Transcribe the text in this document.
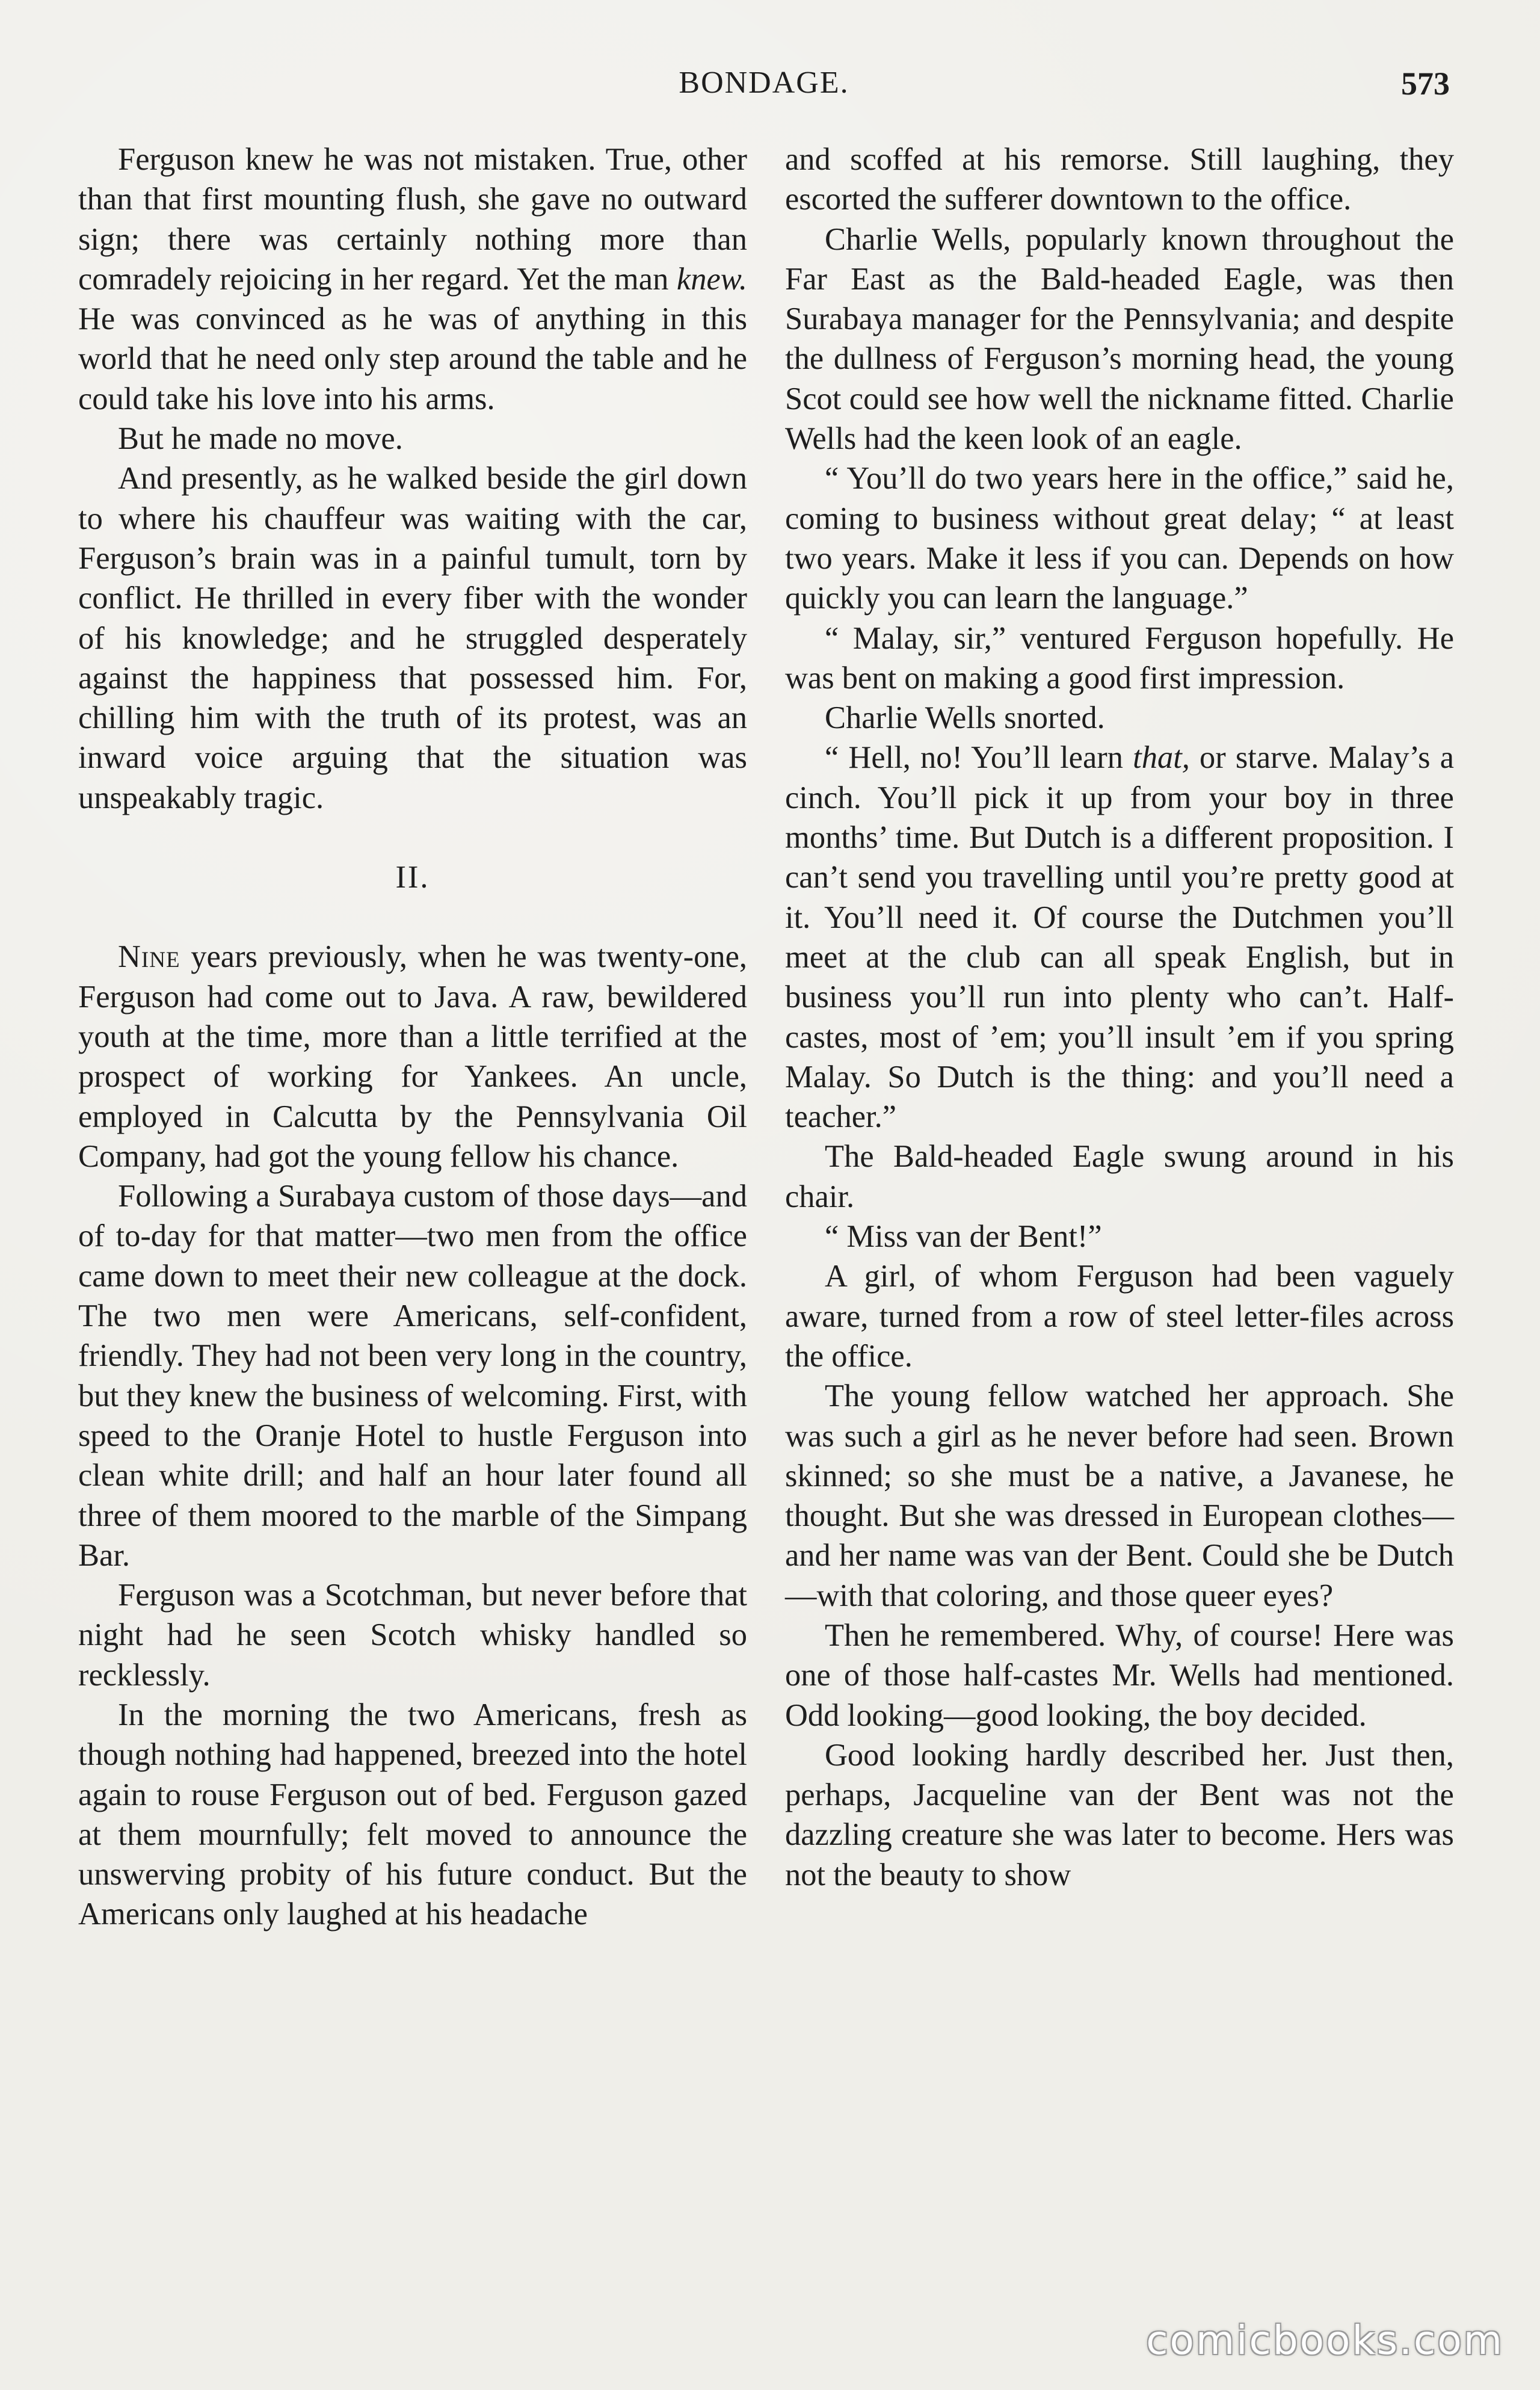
BONDAGE.	573

Ferguson knew he was not mistaken. True, other than that first mounting flush, she gave no outward sign; there was certainly nothing more than comradely rejoicing in her regard. Yet the man knew. He was convinced as he was of anything in this world that he need only step around the table and he could take his love into his arms.

But he made no move.

And presently, as he walked beside the girl down to where his chauffeur was waiting with the car, Ferguson’s brain was in a painful tumult, torn by conflict. He thrilled in every fiber with the wonder of his knowledge; and he struggled desperately against the happiness that possessed him. For, chilling him with the truth of its protest, was an inward voice arguing that the situation was unspeakably tragic.

II.

Nine years previously, when he was twenty-one, Ferguson had come out to Java. A raw, bewildered youth at the time, more than a little terrified at the prospect of working for Yankees. An uncle, employed in Calcutta by the Pennsylvania Oil Company, had got the young fellow his chance.

Following a Surabaya custom of those days—and of to-day for that matter—two men from the office came down to meet their new colleague at the dock. The two men were Americans, self-confident, friendly. They had not been very long in the country, but they knew the business of welcoming. First, with speed to the Oranje Hotel to hustle Ferguson into clean white drill; and half an hour later found all three of them moored to the marble of the Simpang Bar.

Ferguson was a Scotchman, but never before that night had he seen Scotch whisky handled so recklessly.

In the morning the two Americans, fresh as though nothing had happened, breezed into the hotel again to rouse Ferguson out of bed. Ferguson gazed at them mournfully; felt moved to announce the unswerving probity of his future conduct. But the Americans only laughed at his headache

and scoffed at his remorse. Still laughing, they escorted the sufferer downtown to the office.

Charlie Wells, popularly known throughout the Far East as the Bald-headed Eagle, was then Surabaya manager for the Pennsylvania; and despite the dullness of Ferguson’s morning head, the young Scot could see how well the nickname fitted. Charlie Wells had the keen look of an eagle.

“ You’ll do two years here in the office,” said he, coming to business without great delay; “ at least two years. Make it less if you can. Depends on how quickly you can learn the language.”

“ Malay, sir,” ventured Ferguson hopefully. He was bent on making a good first impression.

Charlie Wells snorted.

“ Hell, no! You’ll learn that, or starve. Malay’s a cinch. You’ll pick it up from your boy in three months’ time. But Dutch is a different proposition. I can’t send you travelling until you’re pretty good at it. You’ll need it. Of course the Dutchmen you’ll meet at the club can all speak English, but in business you’ll run into plenty who can’t. Half-castes, most of ’em; you’ll insult ’em if you spring Malay. So Dutch is the thing: and you’ll need a teacher.”

The Bald-headed Eagle swung around in his chair.

“ Miss van der Bent!”

A girl, of whom Ferguson had been vaguely aware, turned from a row of steel letter-files across the office.

The young fellow watched her approach. She was such a girl as he never before had seen. Brown skinned; so she must be a native, a Javanese, he thought. But she was dressed in European clothes—and her name was van der Bent. Could she be Dutch—with that coloring, and those queer eyes?

Then he remembered. Why, of course! Here was one of those half-castes Mr. Wells had mentioned. Odd looking—good looking, the boy decided.

Good looking hardly described her. Just then, perhaps, Jacqueline van der Bent was not the dazzling creature she was later to become. Hers was not the beauty to show

comicbooks.com
